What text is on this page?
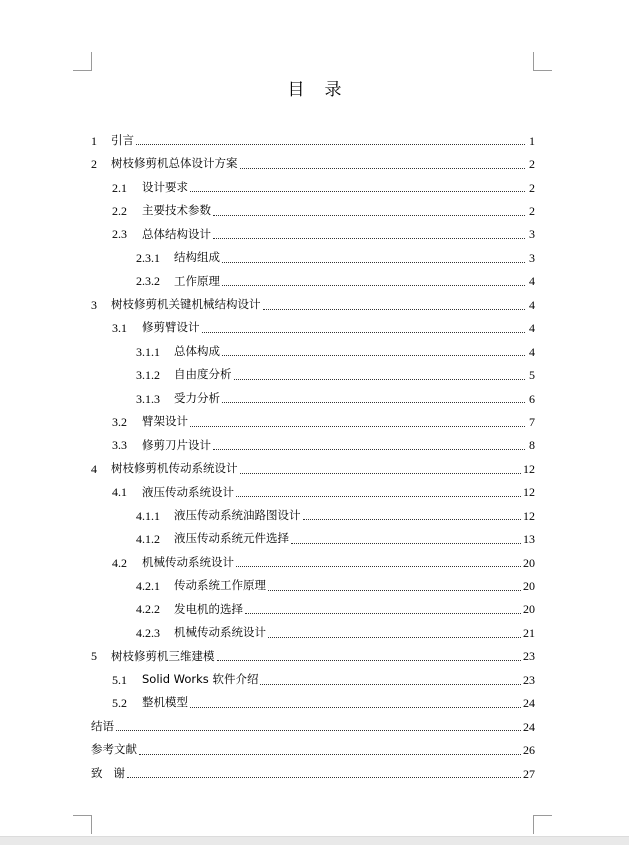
目 录
1	引言	1
2	树枝修剪机总体设计方案	2
2.1	设计要求	2
2.2	主要技术参数	2
2.3	总体结构设计	3
2.3.1	结构组成	3
2.3.2	工作原理	4
3	树枝修剪机关键机械结构设计	4
3.1	修剪臂设计	4
3.1.1	总体构成	4
3.1.2	自由度分析	5
3.1.3	受力分析	6
3.2	臂架设计	7
3.3	修剪刀片设计	8
4	树枝修剪机传动系统设计	12
4.1	液压传动系统设计	12
4.1.1	液压传动系统油路图设计	12
4.1.2	液压传动系统元件选择	13
4.2	机械传动系统设计	20
4.2.1	传动系统工作原理	20
4.2.2	发电机的选择	20
4.2.3	机械传动系统设计	21
5	树枝修剪机三维建模	23
5.1	Solid Works 软件介绍	23
5.2	整机模型	24
结语	24
参考文献	26
致   谢	27
